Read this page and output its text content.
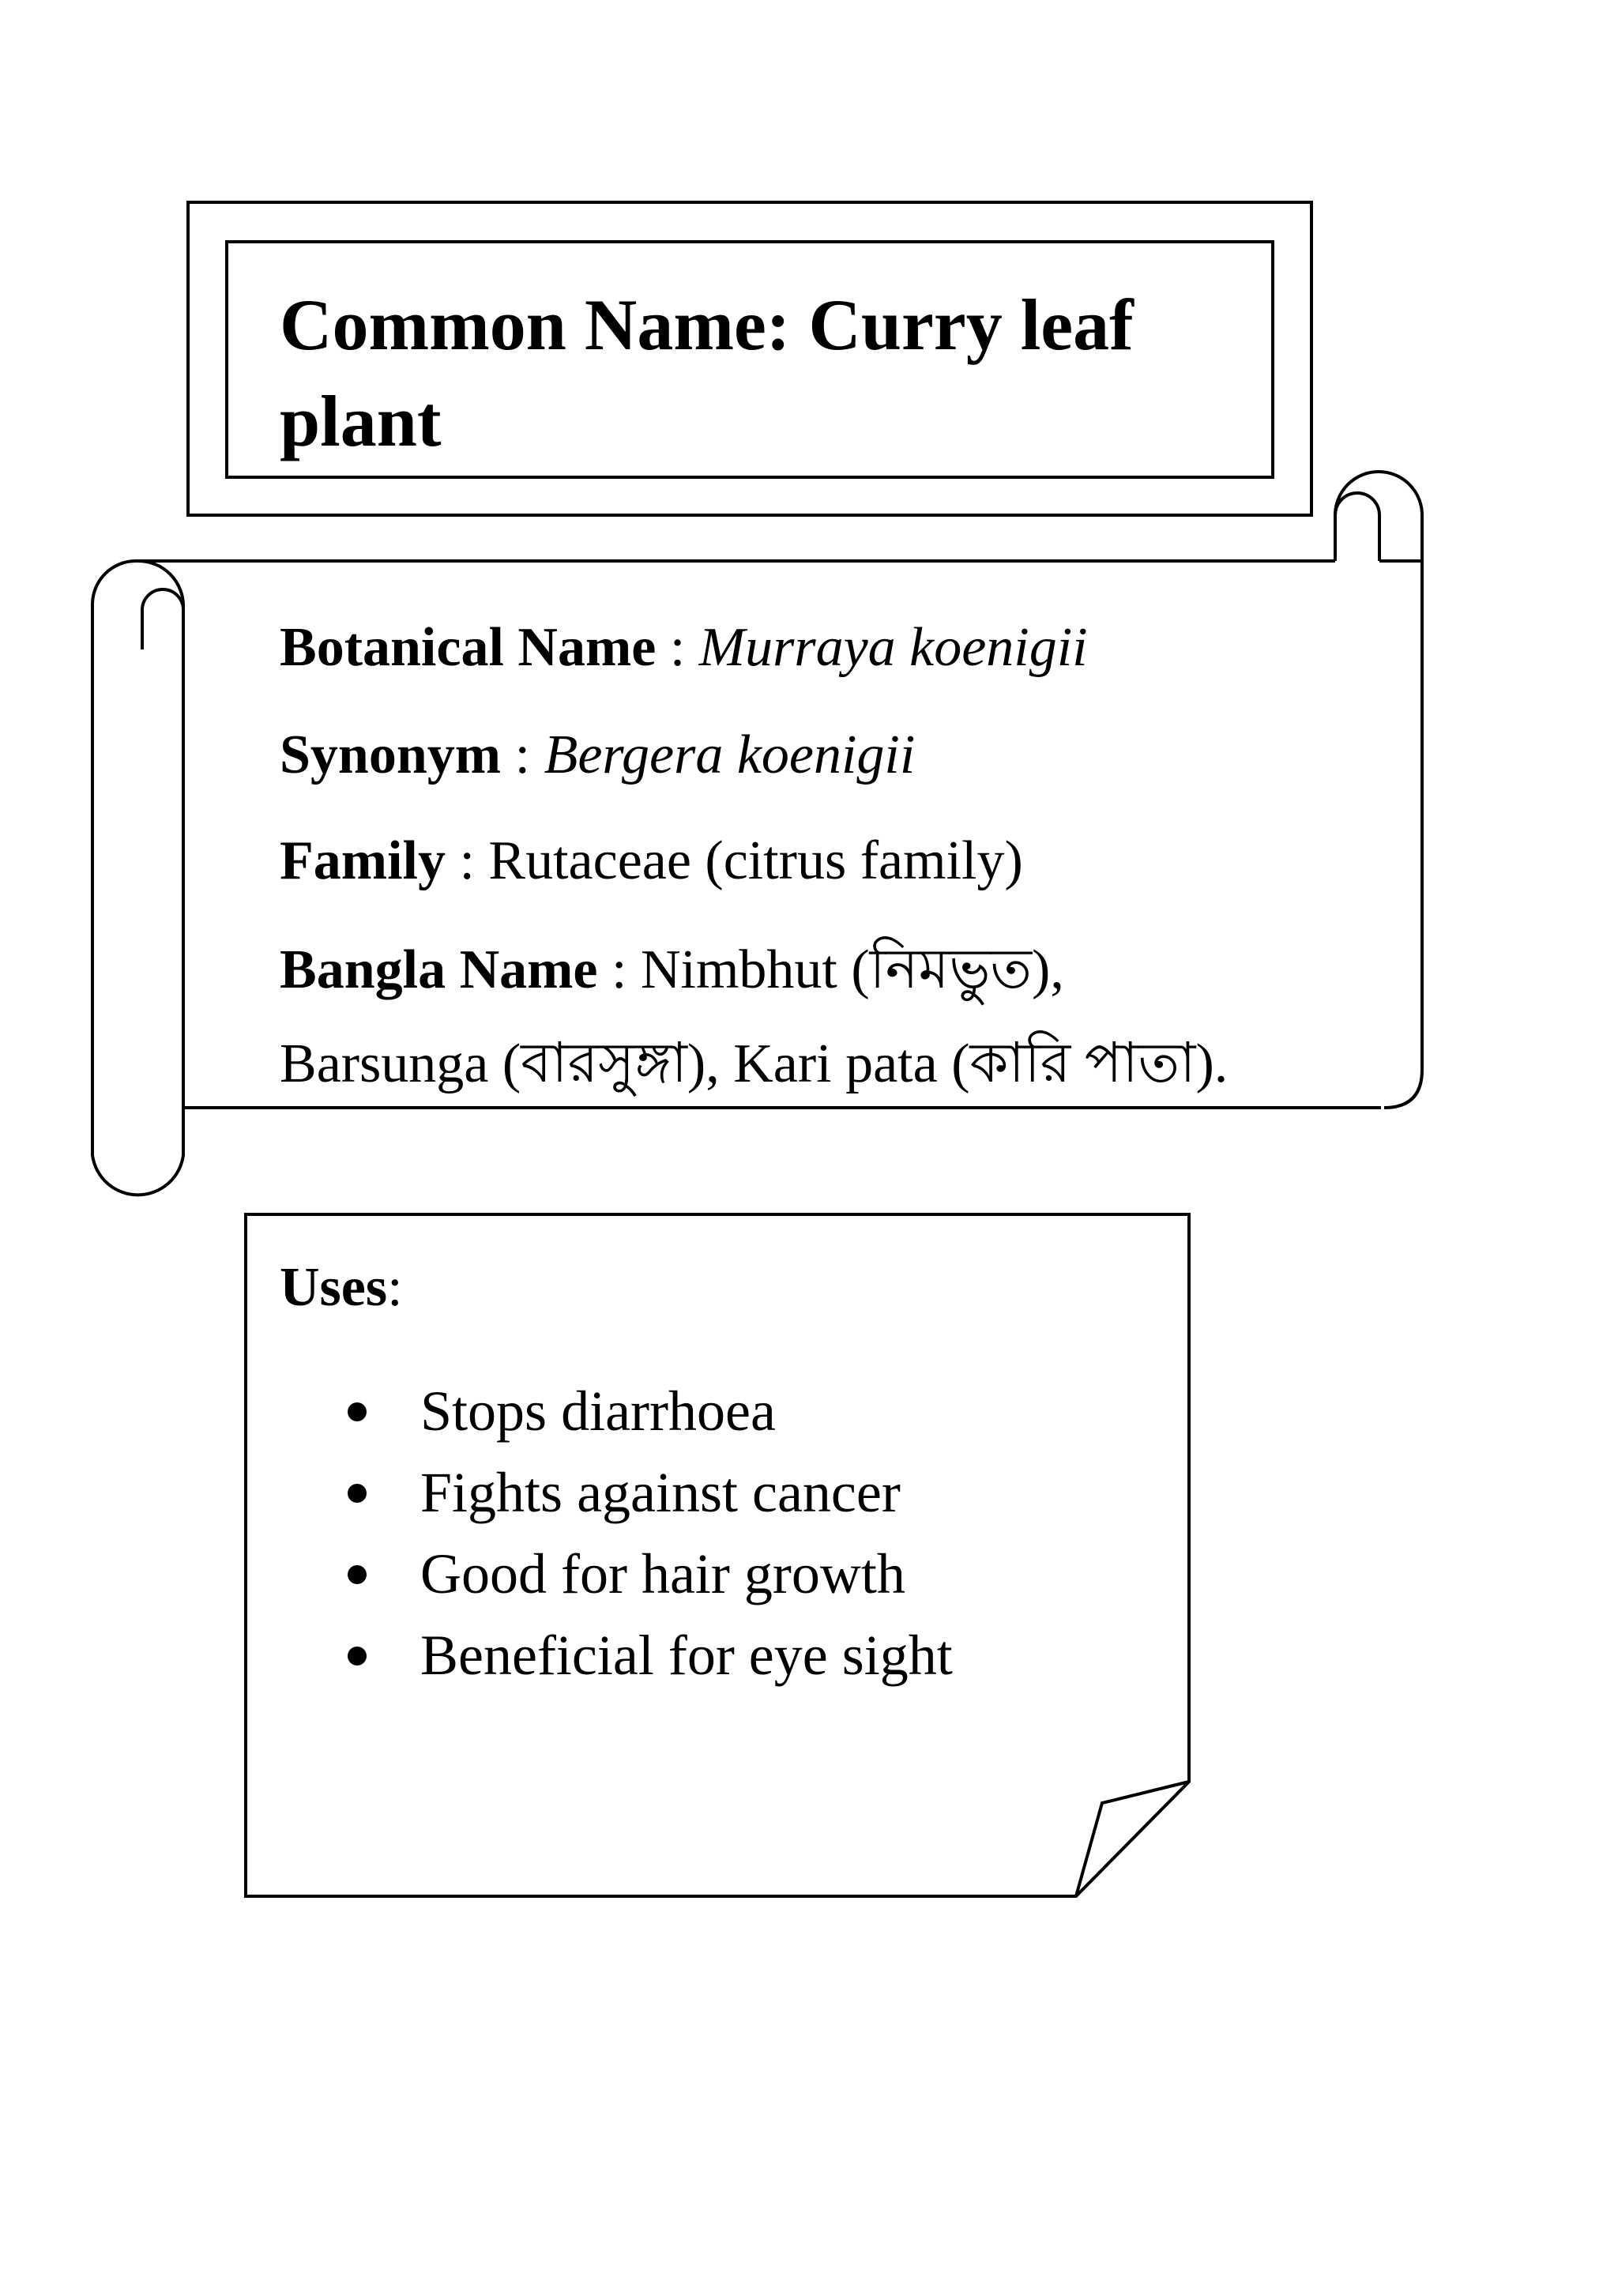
Common Name: Curry leaf plant
Botanical Name : Murraya koenigii
Synonym : Bergera koenigii
Family : Rutaceae (citrus family)
Bangla Name : Nimbhut (নিমভুত),
Barsunga (বারসুঙ্গা), Kari pata (কারি পাতা).
Uses:
Stops diarrhoea
Fights against cancer
Good for hair growth
Beneficial for eye sight
